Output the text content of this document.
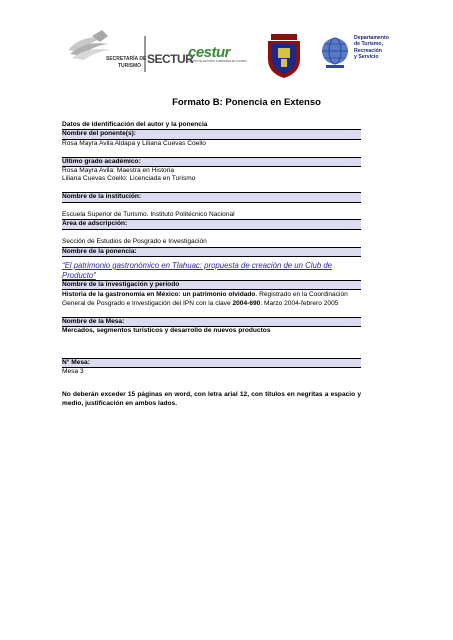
SECRETARÍA DE
TURISMO SECTUR
cestur
CENTRO DE ESTUDIOS SUPERIORES EN TURISMO
Departamento
de Turismo,
Recreación
y Servicio
Formato B: Ponencia en Extenso
Datos de identificación del autor y la ponencia
Nombre del ponente(s):
Rosa Mayra Avila Aldapa y Liliana Cuevas Coello
Último grado académico:
Rosa Mayra Avila: Maestra en Historia
Liliana Cuevas Coello: Licenciada en Turismo
Nombre de la institución:
Escuela Superior de Turismo. Instituto Politécnico Nacional
Área de adscripción:
Sección de Estudios de Posgrado e Investigación
Nombre de la ponencia:
“El patrimonio gastronómico en Tlahuac: propuesta de creación de un Club de Producto”
Nombre de la investigación y periodo
Historia de la gastronomía en México: un patrimonio olvidado. Registrado en la Coordinación General de Posgrado e Investigación del IPN con la clave 2004-690. Marzo 2004-febrero 2005
Nombre de la Mesa:
Mercados, segmentos turísticos y desarrollo de nuevos productos
N° Mesa:
Mesa 3
No deberán exceder 15 páginas en word, con letra arial 12, con títulos en negritas a espacio y medio, justificación en ambos lados.
